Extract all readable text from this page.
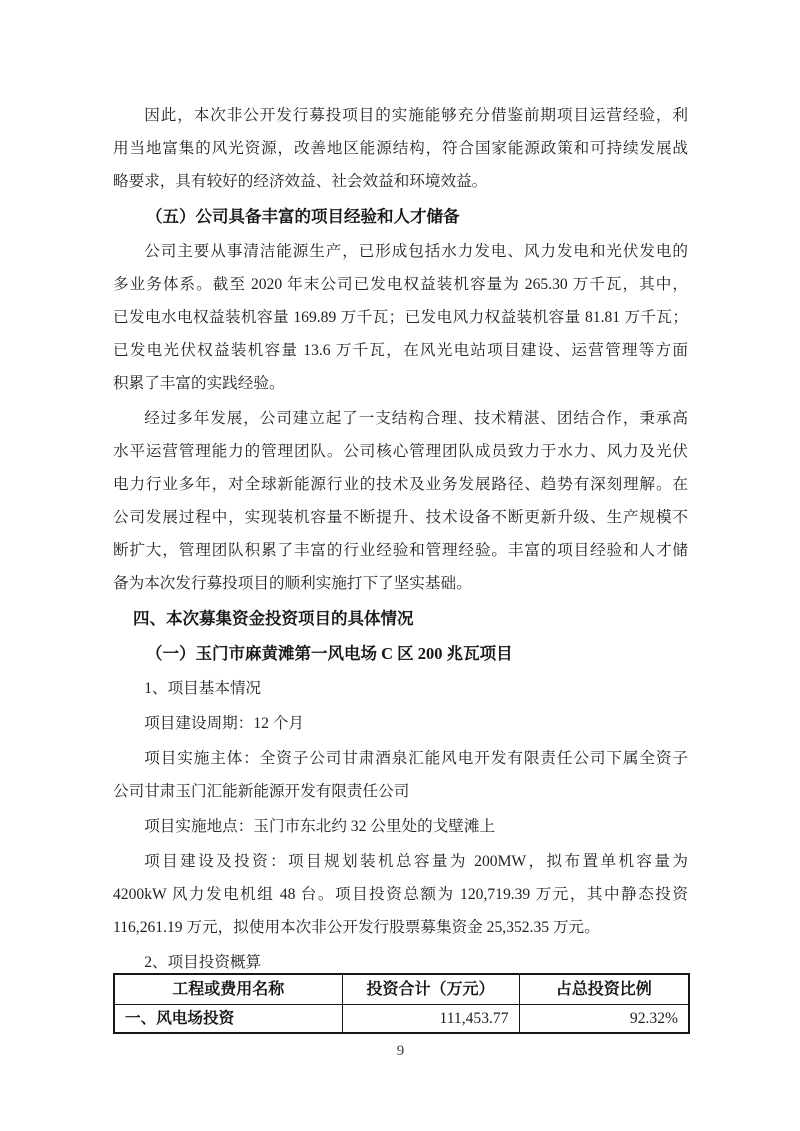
因此，本次非公开发行募投项目的实施能够充分借鉴前期项目运营经验，利
用当地富集的风光资源，改善地区能源结构，符合国家能源政策和可持续发展战
略要求，具有较好的经济效益、社会效益和环境效益。
（五）公司具备丰富的项目经验和人才储备
公司主要从事清洁能源生产，已形成包括水力发电、风力发电和光伏发电的
多业务体系。截至 2020 年末公司已发电权益装机容量为 265.30 万千瓦，其中，
已发电水电权益装机容量 169.89 万千瓦；已发电风力权益装机容量 81.81 万千瓦；
已发电光伏权益装机容量 13.6 万千瓦，在风光电站项目建设、运营管理等方面
积累了丰富的实践经验。
经过多年发展，公司建立起了一支结构合理、技术精湛、团结合作，秉承高
水平运营管理能力的管理团队。公司核心管理团队成员致力于水力、风力及光伏
电力行业多年，对全球新能源行业的技术及业务发展路径、趋势有深刻理解。在
公司发展过程中，实现装机容量不断提升、技术设备不断更新升级、生产规模不
断扩大，管理团队积累了丰富的行业经验和管理经验。丰富的项目经验和人才储
备为本次发行募投项目的顺利实施打下了坚实基础。
四、本次募集资金投资项目的具体情况
（一）玉门市麻黄滩第一风电场 C 区 200 兆瓦项目
1、项目基本情况
项目建设周期：12 个月
项目实施主体：全资子公司甘肃酒泉汇能风电开发有限责任公司下属全资子
公司甘肃玉门汇能新能源开发有限责任公司
项目实施地点：玉门市东北约 32 公里处的戈壁滩上
项目建设及投资：项目规划装机总容量为 200MW，拟布置单机容量为
4200kW 风力发电机组 48 台。项目投资总额为 120,719.39 万元，其中静态投资
116,261.19 万元，拟使用本次非公开发行股票募集资金 25,352.35 万元。
2、项目投资概算
工程或费用名称	投资合计（万元）	占总投资比例
一、风电场投资	111,453.77	92.32%
9
